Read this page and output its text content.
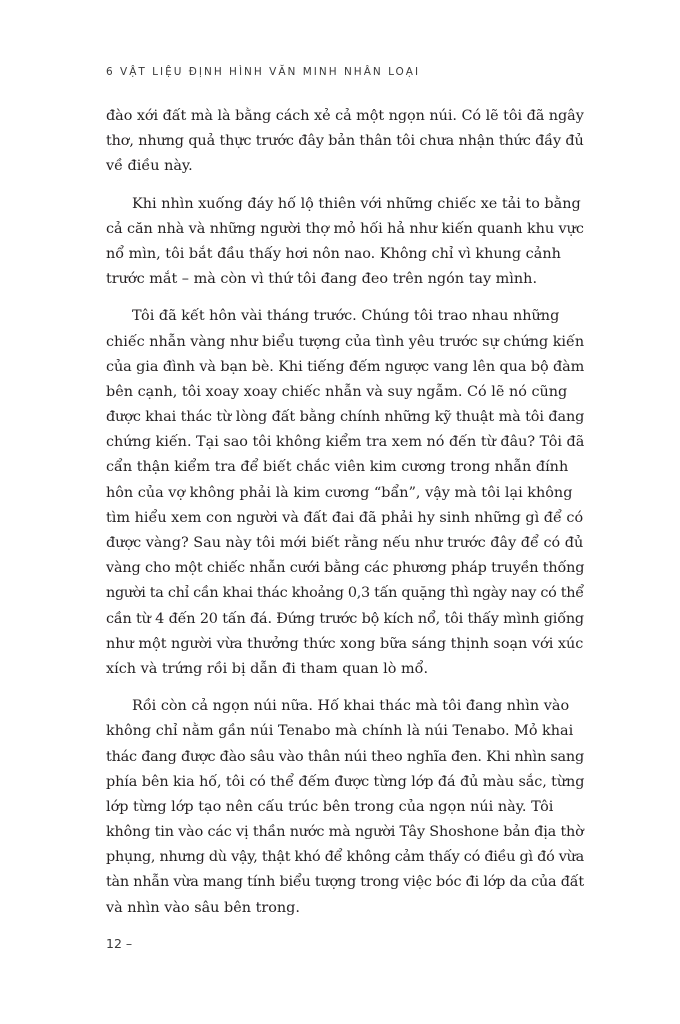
6 VẬT LIỆU ĐỊNH HÌNH VĂN MINH NHÂN LOẠI
đào xới đất mà là bằng cách xẻ cả một ngọn núi. Có lẽ tôi đã ngây
thơ, nhưng quả thực trước đây bản thân tôi chưa nhận thức đầy đủ
về điều này.
Khi nhìn xuống đáy hố lộ thiên với những chiếc xe tải to bằng
cả căn nhà và những người thợ mỏ hối hả như kiến quanh khu vực
nổ mìn, tôi bắt đầu thấy hơi nôn nao. Không chỉ vì khung cảnh
trước mắt – mà còn vì thứ tôi đang đeo trên ngón tay mình.
Tôi đã kết hôn vài tháng trước. Chúng tôi trao nhau những
chiếc nhẫn vàng như biểu tượng của tình yêu trước sự chứng kiến
của gia đình và bạn bè. Khi tiếng đếm ngược vang lên qua bộ đàm
bên cạnh, tôi xoay xoay chiếc nhẫn và suy ngẫm. Có lẽ nó cũng
được khai thác từ lòng đất bằng chính những kỹ thuật mà tôi đang
chứng kiến. Tại sao tôi không kiểm tra xem nó đến từ đâu? Tôi đã
cẩn thận kiểm tra để biết chắc viên kim cương trong nhẫn đính
hôn của vợ không phải là kim cương “bẩn”, vậy mà tôi lại không
tìm hiểu xem con người và đất đai đã phải hy sinh những gì để có
được vàng? Sau này tôi mới biết rằng nếu như trước đây để có đủ
vàng cho một chiếc nhẫn cưới bằng các phương pháp truyền thống
người ta chỉ cần khai thác khoảng 0,3 tấn quặng thì ngày nay có thể
cần từ 4 đến 20 tấn đá. Đứng trước bộ kích nổ, tôi thấy mình giống
như một người vừa thưởng thức xong bữa sáng thịnh soạn với xúc
xích và trứng rồi bị dẫn đi tham quan lò mổ.
Rồi còn cả ngọn núi nữa. Hố khai thác mà tôi đang nhìn vào
không chỉ nằm gần núi Tenabo mà chính là núi Tenabo. Mỏ khai
thác đang được đào sâu vào thân núi theo nghĩa đen. Khi nhìn sang
phía bên kia hố, tôi có thể đếm được từng lớp đá đủ màu sắc, từng
lớp từng lớp tạo nên cấu trúc bên trong của ngọn núi này. Tôi
không tin vào các vị thần nước mà người Tây Shoshone bản địa thờ
phụng, nhưng dù vậy, thật khó để không cảm thấy có điều gì đó vừa
tàn nhẫn vừa mang tính biểu tượng trong việc bóc đi lớp da của đất
và nhìn vào sâu bên trong.
12 –
